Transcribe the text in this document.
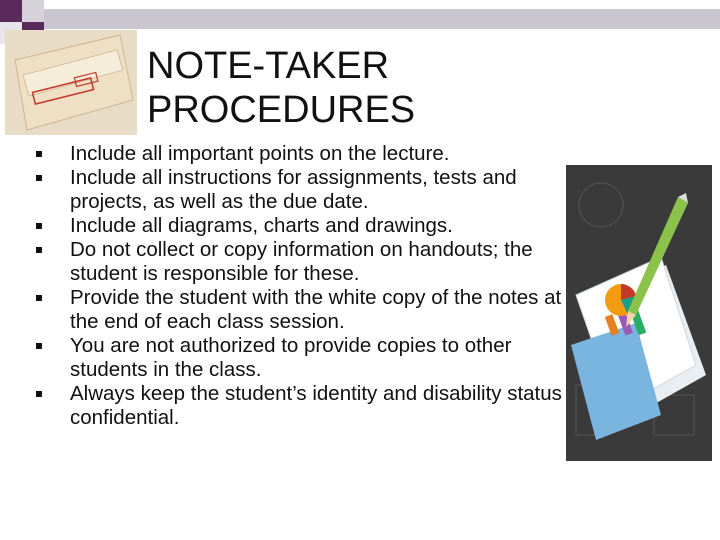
NOTE-TAKER
PROCEDURES
Include all important points on the lecture.
Include all instructions for assignments, tests and projects, as well as the due date.
Include all diagrams, charts and drawings.
Do not collect or copy information on handouts; the student is responsible for these.
Provide the student with the white copy of the notes at the end of each class session.
You are not authorized to provide copies to other students in the class.
Always keep the student’s identity and disability status confidential.
